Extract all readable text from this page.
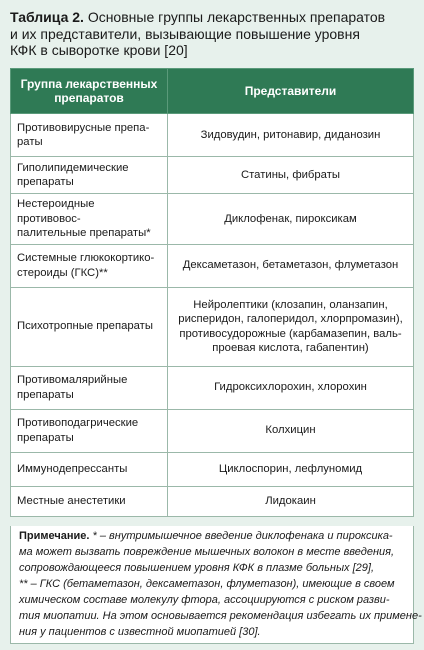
Таблица 2. Основные группы лекарственных препаратов
и их представители, вызывающие повышение уровня
КФК в сыворотке крови [20]
Группа лекарственных препаратов	Представители

Противовирусные препа-
раты	Зидовудин, ритонавир, диданозин

Гиполипидемические
препараты	Статины, фибраты

Нестероидные противовос-
палительные препараты*	Диклофенак, пироксикам

Системные глюкокортико-
стероиды (ГКС)**	Дексаметазон, бетаметазон, флуметазон

Психотропные препараты	Нейролептики (клозапин, оланзапин,
рисперидон, галоперидол, хлорпромазин),
противосудорожные (карбамазепин, валь-
проевая кислота, габапентин)

Противомалярийные
препараты	Гидроксихлорохин, хлорохин

Противоподагрические
препараты	Колхицин

Иммунодепрессанты	Циклоспорин, лефлуномид

Местные анестетики	Лидокаин
Примечание. * – внутримышечное введение диклофенака и пироксика-
ма может вызвать повреждение мышечных волокон в месте введения,
сопровождающееся повышением уровня КФК в плазме больных [29],
** – ГКС (бетаметазон, дексаметазон, флуметазон), имеющие в своем
химическом составе молекулу фтора, ассоциируются с риском разви-
тия миопатии. На этом основывается рекомендация избегать их примене-
ния у пациентов с известной миопатией [30].
